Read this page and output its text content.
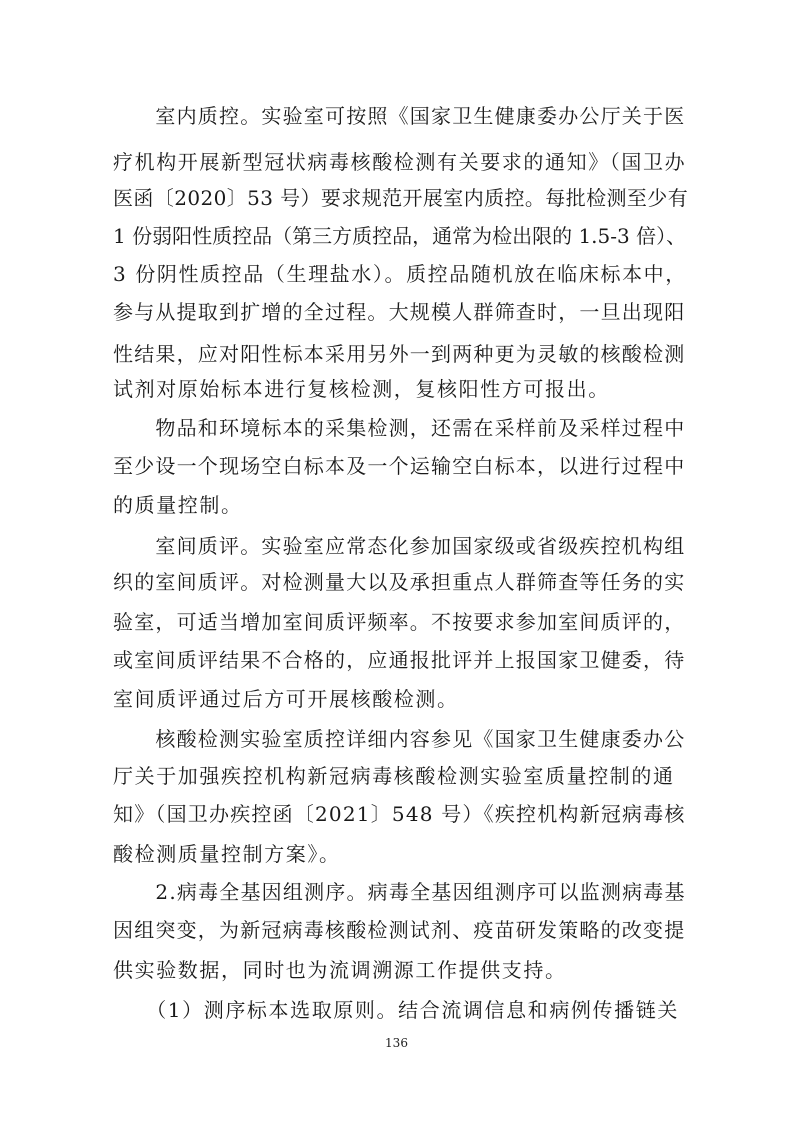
　　室内质控。实验室可按照《国家卫生健康委办公厅关于医
疗机构开展新型冠状病毒核酸检测有关要求的通知》（国卫办
医函〔2020〕53 号）要求规范开展室内质控。每批检测至少有
1 份弱阳性质控品（第三方质控品，通常为检出限的 1.5-3 倍）、
3 份阴性质控品（生理盐水）。质控品随机放在临床标本中，
参与从提取到扩增的全过程。大规模人群筛查时，一旦出现阳
性结果，应对阳性标本采用另外一到两种更为灵敏的核酸检测
试剂对原始标本进行复核检测，复核阳性方可报出。
　　物品和环境标本的采集检测，还需在采样前及采样过程中
至少设一个现场空白标本及一个运输空白标本，以进行过程中
的质量控制。
　　室间质评。实验室应常态化参加国家级或省级疾控机构组
织的室间质评。对检测量大以及承担重点人群筛查等任务的实
验室，可适当增加室间质评频率。不按要求参加室间质评的，
或室间质评结果不合格的，应通报批评并上报国家卫健委，待
室间质评通过后方可开展核酸检测。
　　核酸检测实验室质控详细内容参见《国家卫生健康委办公
厅关于加强疾控机构新冠病毒核酸检测实验室质量控制的通
知》（国卫办疾控函〔2021〕548 号）《疾控机构新冠病毒核
酸检测质量控制方案》。
　　2.病毒全基因组测序。病毒全基因组测序可以监测病毒基
因组突变，为新冠病毒核酸检测试剂、疫苗研发策略的改变提
供实验数据，同时也为流调溯源工作提供支持。
　　（1）测序标本选取原则。结合流调信息和病例传播链关
136
